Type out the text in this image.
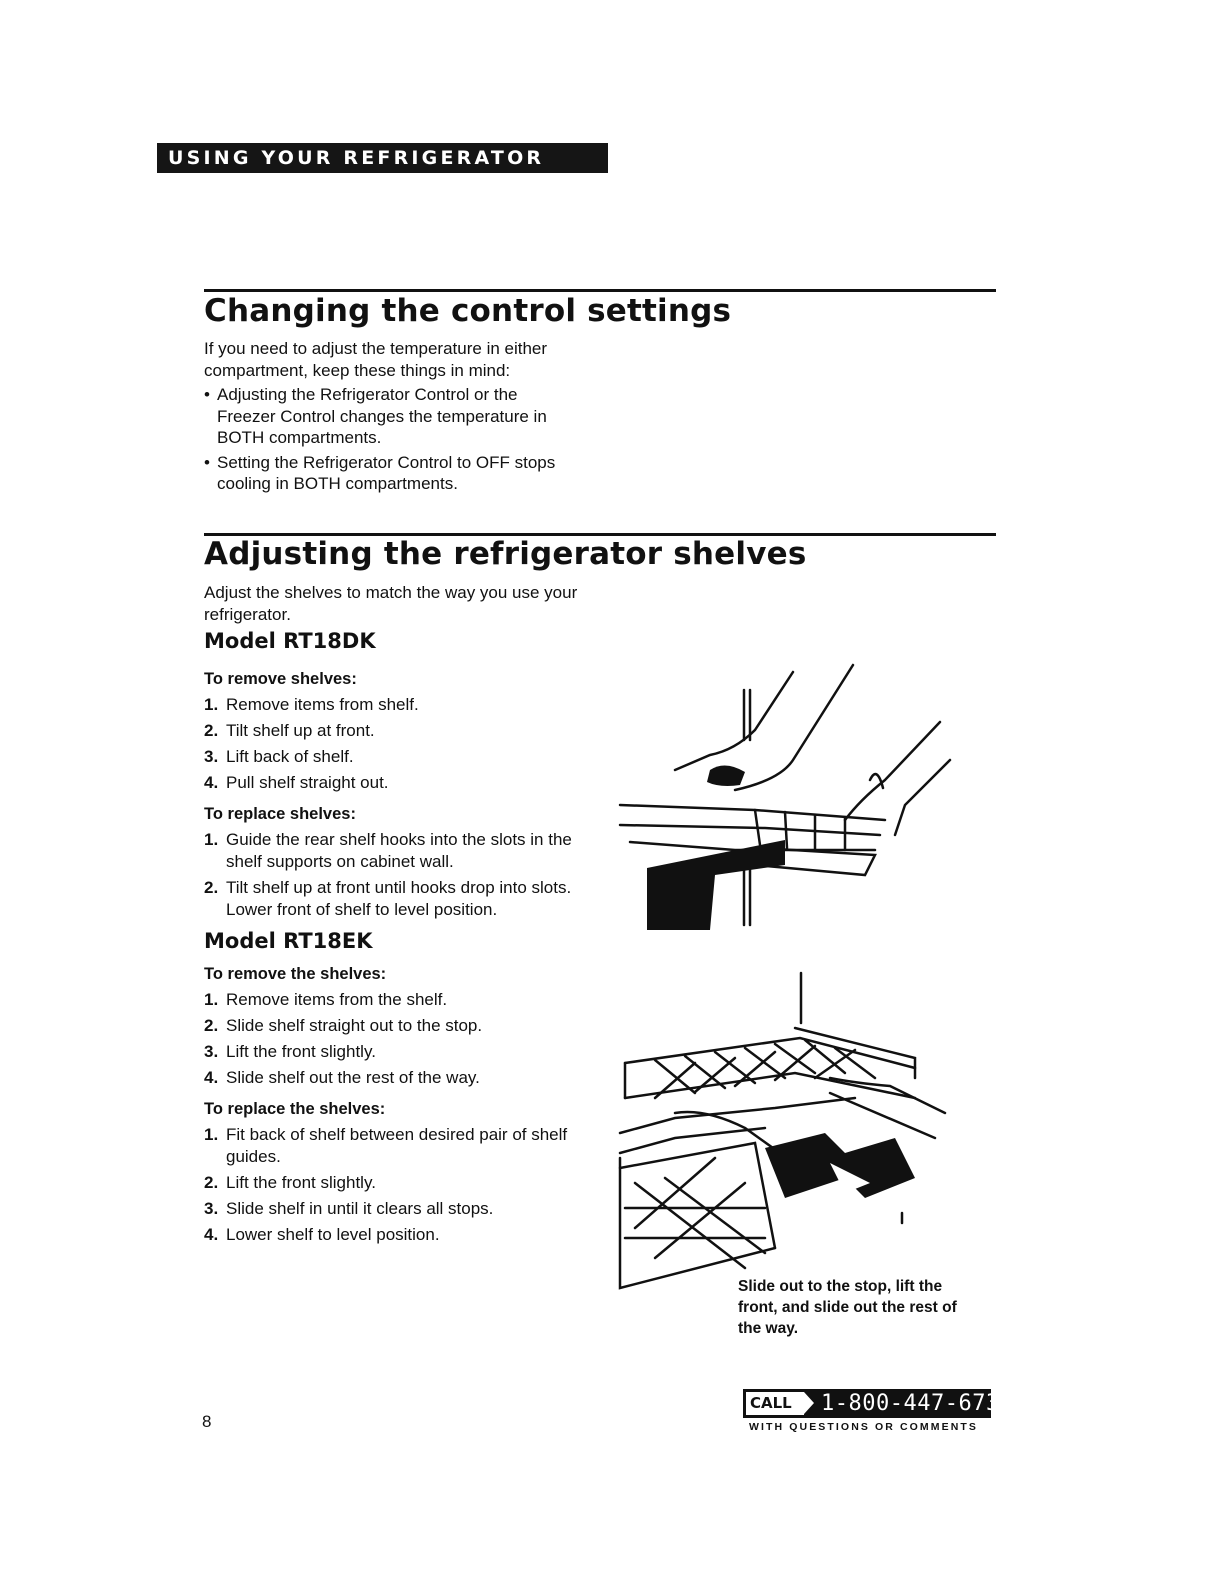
USING YOUR REFRIGERATOR
Changing the control settings

If you need to adjust the temperature in either compartment, keep these things in mind:

• Adjusting the Refrigerator Control or the Freezer Control changes the temperature in BOTH compartments.
• Setting the Refrigerator Control to OFF stops cooling in BOTH compartments.
Adjusting the refrigerator shelves

Adjust the shelves to match the way you use your refrigerator.

Model RT18DK

To remove shelves:

1. Remove items from shelf.
2. Tilt shelf up at front.
3. Lift back of shelf.
4. Pull shelf straight out.

To replace shelves:

1. Guide the rear shelf hooks into the slots in the shelf supports on cabinet wall.
2. Tilt shelf up at front until hooks drop into slots. Lower front of shelf to level position.
Model RT18EK

To remove the shelves:

1. Remove items from the shelf.
2. Slide shelf straight out to the stop.
3. Lift the front slightly.
4. Slide shelf out the rest of the way.

To replace the shelves:

1. Fit back of shelf between desired pair of shelf guides.
2. Lift the front slightly.
3. Slide shelf in until it clears all stops.
4. Lower shelf to level position.
Slide out to the stop, lift the front, and slide out the rest of the way.
8
CALL	1-800-447-6737
WITH QUESTIONS OR COMMENTS
